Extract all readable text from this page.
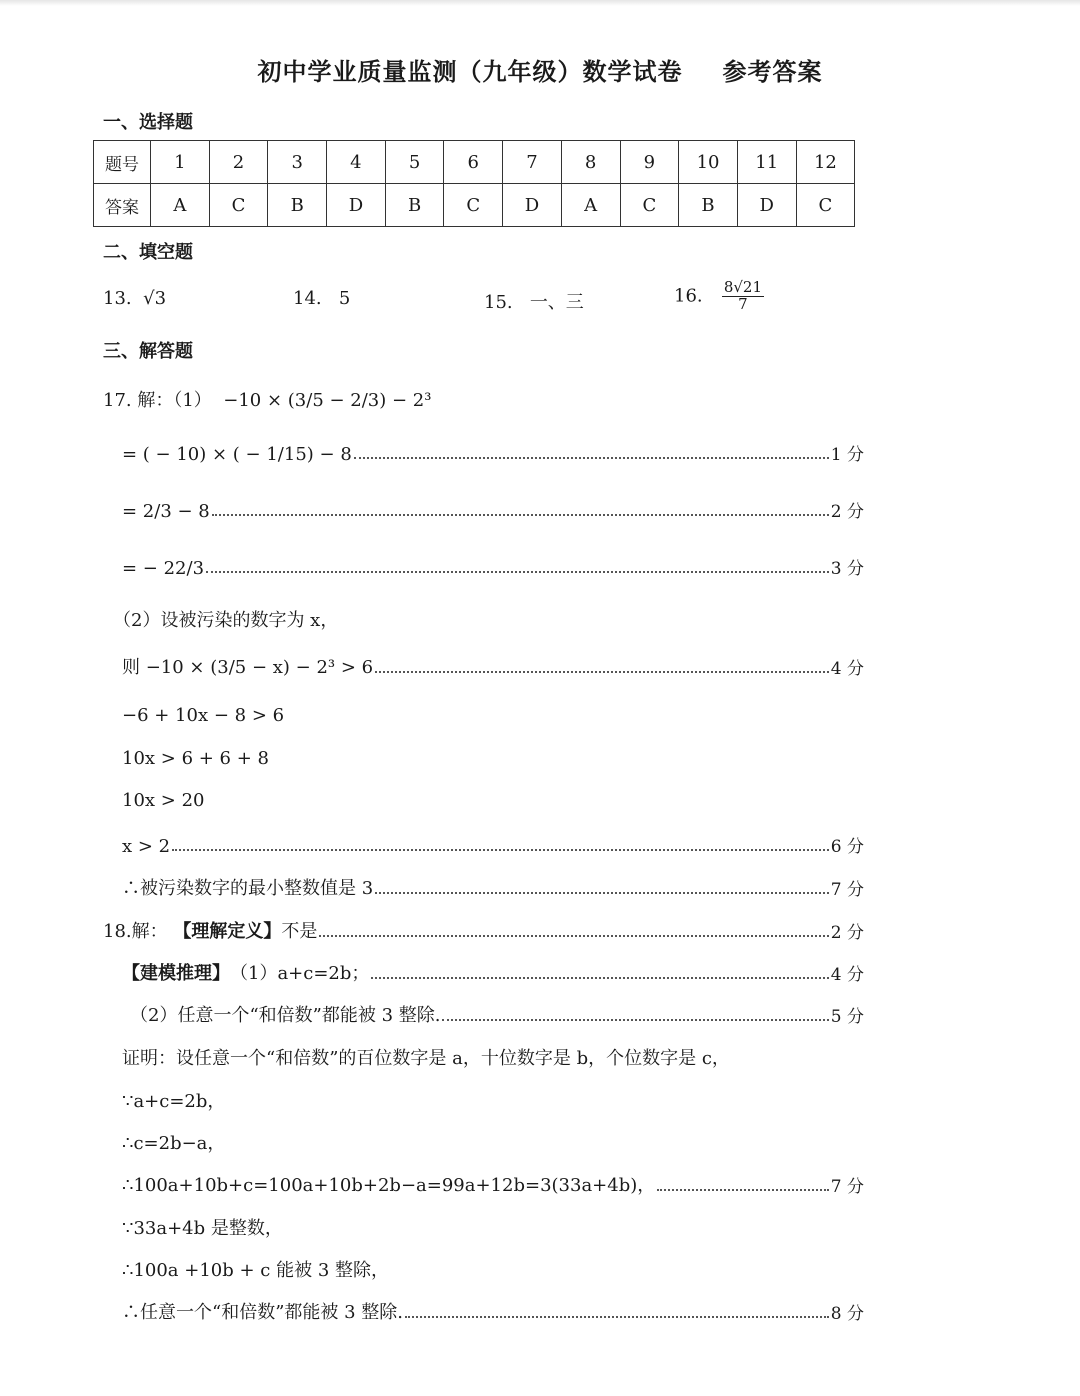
初中学业质量监测（九年级）数学试卷 参考答案
一、选择题
题号	1	2	3	4	5	6	7	8	9	10	11	12
答案	A	C	B	D	B	C	D	A	C	B	D	C
二、填空题
13. √3	14. 5	15. 一、三	16. $\frac{8√21}{7}$
三、解答题
17. 解：（1） −10 × (3/5 − 2/3) − 2³
= ( − 10) × ( − 1/15) − 8	1 分
= 2/3 − 8	2 分
= − 22/3	3 分
（2）设被污染的数字为 x，
则 −10 × (3/5 − x) − 2³ > 6	4 分
−6 + 10x − 8 > 6
10x > 6 + 6 + 8
10x > 20
x > 2	6 分
∴被污染数字的最小整数值是 3	7 分
18.解：
【理解定义】 不是	2 分
【建模推理】 （1）a+c=2b；	4 分
（2）任意一个“和倍数”都能被 3 整除.	5 分
证明：设任意一个“和倍数”的百位数字是 a，十位数字是 b，个位数字是 c，
∵a+c=2b，
∴c=2b−a，
∴100a+10b+c=100a+10b+2b−a=99a+12b=3(33a+4b)，	7 分
∵33a+4b 是整数，
∴100a +10b + c 能被 3 整除，
∴任意一个“和倍数”都能被 3 整除.	8 分
